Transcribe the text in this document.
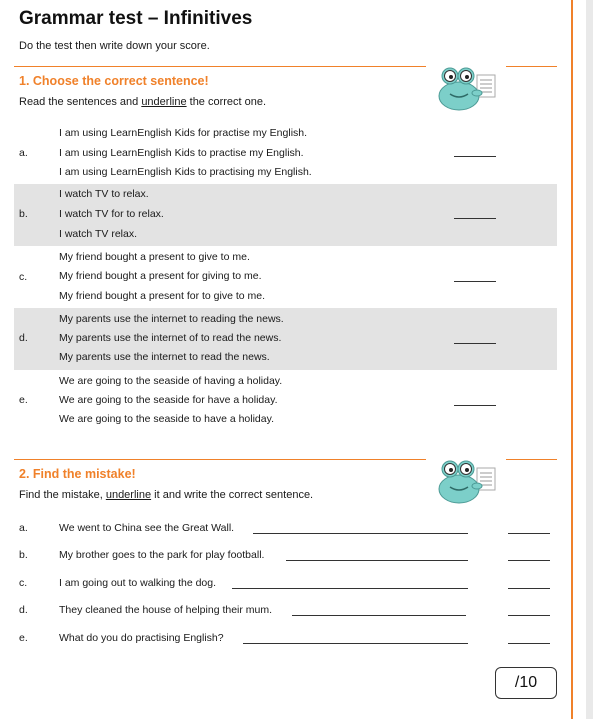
Grammar test – Infinitives
Do the test then write down your score.
1. Choose the correct sentence!
Read the sentences and underline the correct one.
a.
I am using LearnEnglish Kids for practise my English.
I am using LearnEnglish Kids to practise my English.
I am using LearnEnglish Kids to practising my English.
b.
I watch TV to relax.
I watch TV for to relax.
I watch TV relax.
c.
My friend bought a present to give to me.
My friend bought a present for giving to me.
My friend bought a present for to give to me.
d.
My parents use the internet to reading the news.
My parents use the internet of to read the news.
My parents use the internet to read the news.
e.
We are going to the seaside of having a holiday.
We are going to the seaside for have a holiday.
We are going to the seaside to have a holiday.
2. Find the mistake!
Find the mistake, underline it and write the correct sentence.
a.	We went to China see the Great Wall.
b.	My brother goes to the park for play football.
c.	I am going out to walking the dog.
d.	They cleaned the house of helping their mum.
e.	What do you do practising English?
/10
